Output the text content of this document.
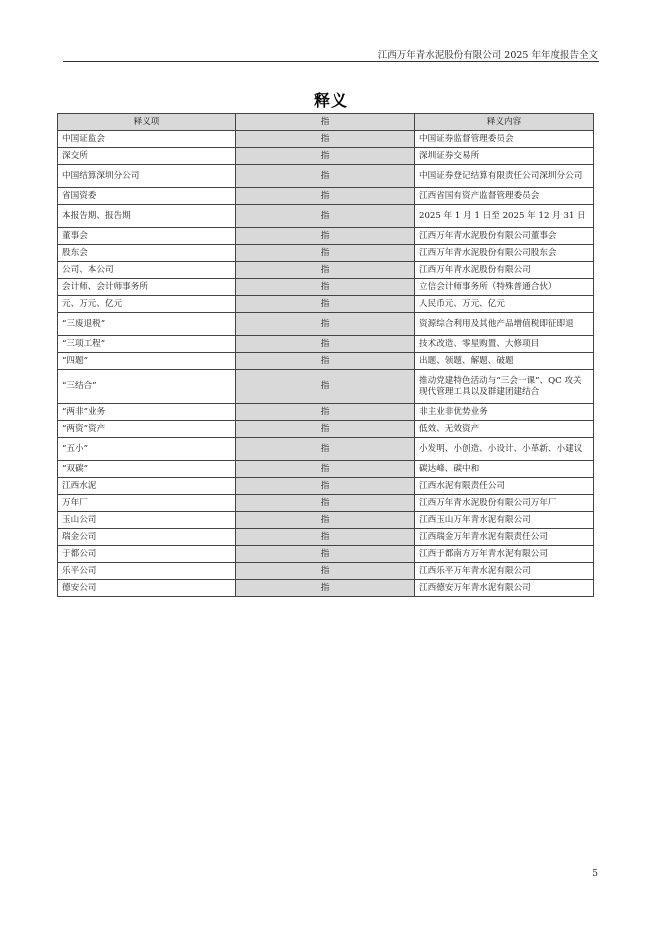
江西万年青水泥股份有限公司 2025 年年度报告全文
释义
释义项	指	释义内容
中国证监会	指	中国证券监督管理委员会
深交所	指	深圳证券交易所
中国结算深圳分公司	指	中国证券登记结算有限责任公司深圳分公司
省国资委	指	江西省国有资产监督管理委员会
本报告期、报告期	指	2025 年 1 月 1 日至 2025 年 12 月 31 日
董事会	指	江西万年青水泥股份有限公司董事会
股东会	指	江西万年青水泥股份有限公司股东会
公司、本公司	指	江西万年青水泥股份有限公司
会计师、会计师事务所	指	立信会计师事务所（特殊普通合伙）
元、万元、亿元	指	人民币元、万元、亿元
“三废退税”	指	资源综合利用及其他产品增值税即征即退
“三项工程”	指	技术改造、零星购置、大修项目
“四题”	指	出题、领题、解题、破题
“三结合”	指	推动党建特色活动与“三会一课”、QC 攻关现代管理工具以及群建团建结合
“两非”业务	指	非主业非优势业务
“两资”资产	指	低效、无效资产
“五小”	指	小发明、小创造、小设计、小革新、小建议
“双碳”	指	碳达峰、碳中和
江西水泥	指	江西水泥有限责任公司
万年厂	指	江西万年青水泥股份有限公司万年厂
玉山公司	指	江西玉山万年青水泥有限公司
瑞金公司	指	江西瑞金万年青水泥有限责任公司
于都公司	指	江西于都南方万年青水泥有限公司
乐平公司	指	江西乐平万年青水泥有限公司
德安公司	指	江西德安万年青水泥有限公司
5
